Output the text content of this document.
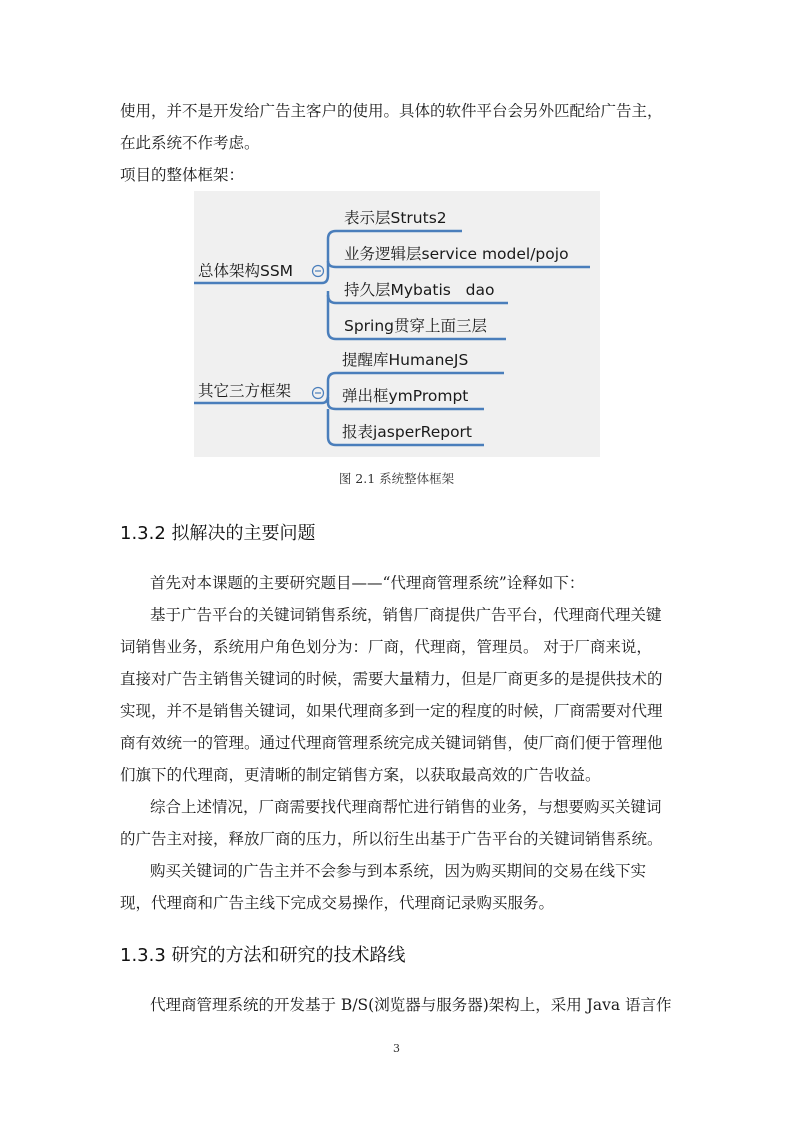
使用，并不是开发给广告主客户的使用。具体的软件平台会另外匹配给广告主，
在此系统不作考虑。
项目的整体框架：
总体架构SSM
表示层Struts2
业务逻辑层service model/pojo
持久层Mybatis   dao
Spring贯穿上面三层
其它三方框架
提醒库HumaneJS
弹出框ymPrompt
报表jasperReport
图 2.1 系统整体框架
1.3.2 拟解决的主要问题
首先对本课题的主要研究题目——“代理商管理系统”诠释如下：
基于广告平台的关键词销售系统，销售厂商提供广告平台，代理商代理关键
词销售业务，系统用户角色划分为：厂商，代理商，管理员。 对于厂商来说，
直接对广告主销售关键词的时候，需要大量精力，但是厂商更多的是提供技术的
实现，并不是销售关键词，如果代理商多到一定的程度的时候，厂商需要对代理
商有效统一的管理。通过代理商管理系统完成关键词销售，使厂商们便于管理他
们旗下的代理商，更清晰的制定销售方案，以获取最高效的广告收益。
综合上述情况，厂商需要找代理商帮忙进行销售的业务，与想要购买关键词
的广告主对接，释放厂商的压力，所以衍生出基于广告平台的关键词销售系统。
购买关键词的广告主并不会参与到本系统，因为购买期间的交易在线下实
现，代理商和广告主线下完成交易操作，代理商记录购买服务。
1.3.3 研究的方法和研究的技术路线
代理商管理系统的开发基于 B/S(浏览器与服务器)架构上，采用 Java 语言作
3
